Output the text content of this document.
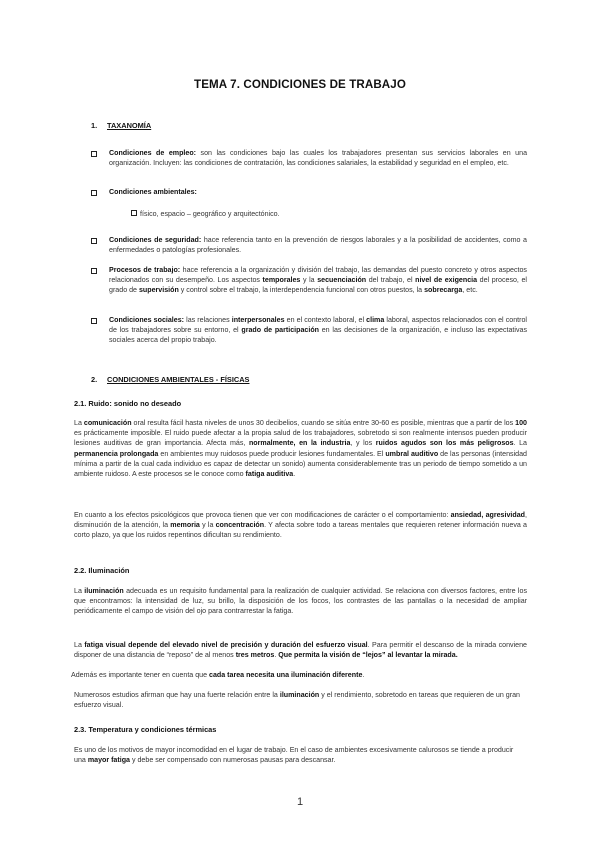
TEMA 7. CONDICIONES DE TRABAJO
1. TAXANOMÍA
Condiciones de empleo: son las condiciones bajo las cuales los trabajadores presentan sus servicios laborales en una organización. Incluyen: las condiciones de contratación, las condiciones salariales, la estabilidad y seguridad en el empleo, etc.
Condiciones ambientales:
físico, espacio – geográfico y arquitectónico.
Condiciones de seguridad: hace referencia tanto en la prevención de riesgos laborales y a la posibilidad de accidentes, como a enfermedades o patologías profesionales.
Procesos de trabajo: hace referencia a la organización y división del trabajo, las demandas del puesto concreto y otros aspectos relacionados con su desempeño. Los aspectos temporales y la secuenciación del trabajo, el nivel de exigencia del proceso, el grado de supervisión y control sobre el trabajo, la interdependencia funcional con otros puestos, la sobrecarga, etc.
Condiciones sociales: las relaciones interpersonales en el contexto laboral, el clima laboral, aspectos relacionados con el control de los trabajadores sobre su entorno, el grado de participación en las decisiones de la organización, e incluso las expectativas sociales acerca del propio trabajo.
2. CONDICIONES AMBIENTALES - FÍSICAS
2.1. Ruido: sonido no deseado
La comunicación oral resulta fácil hasta niveles de unos 30 decibelios, cuando se sitúa entre 30-60 es posible, mientras que a partir de los 100 es prácticamente imposible. El ruido puede afectar a la propia salud de los trabajadores, sobretodo si son realmente intensos pueden producir lesiones auditivas de gran importancia. Afecta más, normalmente, en la industria, y los ruidos agudos son los más peligrosos. La permanencia prolongada en ambientes muy ruidosos puede producir lesiones fundamentales. El umbral auditivo de las personas (intensidad mínima a partir de la cual cada individuo es capaz de detectar un sonido) aumenta considerablemente tras un periodo de tiempo sometido a un ambiente ruidoso. A este procesos se le conoce como fatiga auditiva.
En cuanto a los efectos psicológicos que provoca tienen que ver con modificaciones de carácter o el comportamiento: ansiedad, agresividad, disminución de la atención, la memoria y la concentración. Y afecta sobre todo a tareas mentales que requieren retener información nueva a corto plazo, ya que los ruidos repentinos dificultan su rendimiento.
2.2. Iluminación
La iluminación adecuada es un requisito fundamental para la realización de cualquier actividad. Se relaciona con diversos factores, entre los que encontramos: la intensidad de luz, su brillo, la disposición de los focos, los contrastes de las pantallas o la necesidad de ampliar periódicamente el campo de visión del ojo para contrarrestar la fatiga.
La fatiga visual depende del elevado nivel de precisión y duración del esfuerzo visual. Para permitir el descanso de la mirada conviene disponer de una distancia de “reposo” de al menos tres metros. Que permita la visión de “lejos” al levantar la mirada.
Además es importante tener en cuenta que cada tarea necesita una iluminación diferente.
Numerosos estudios afirman que hay una fuerte relación entre la iluminación y el rendimiento, sobretodo en tareas que requieren de un gran esfuerzo visual.
2.3. Temperatura y condiciones térmicas
Es uno de los motivos de mayor incomodidad en el lugar de trabajo. En el caso de ambientes excesivamente calurosos se tiende a producir una mayor fatiga y debe ser compensado con numerosas pausas para descansar.
1
